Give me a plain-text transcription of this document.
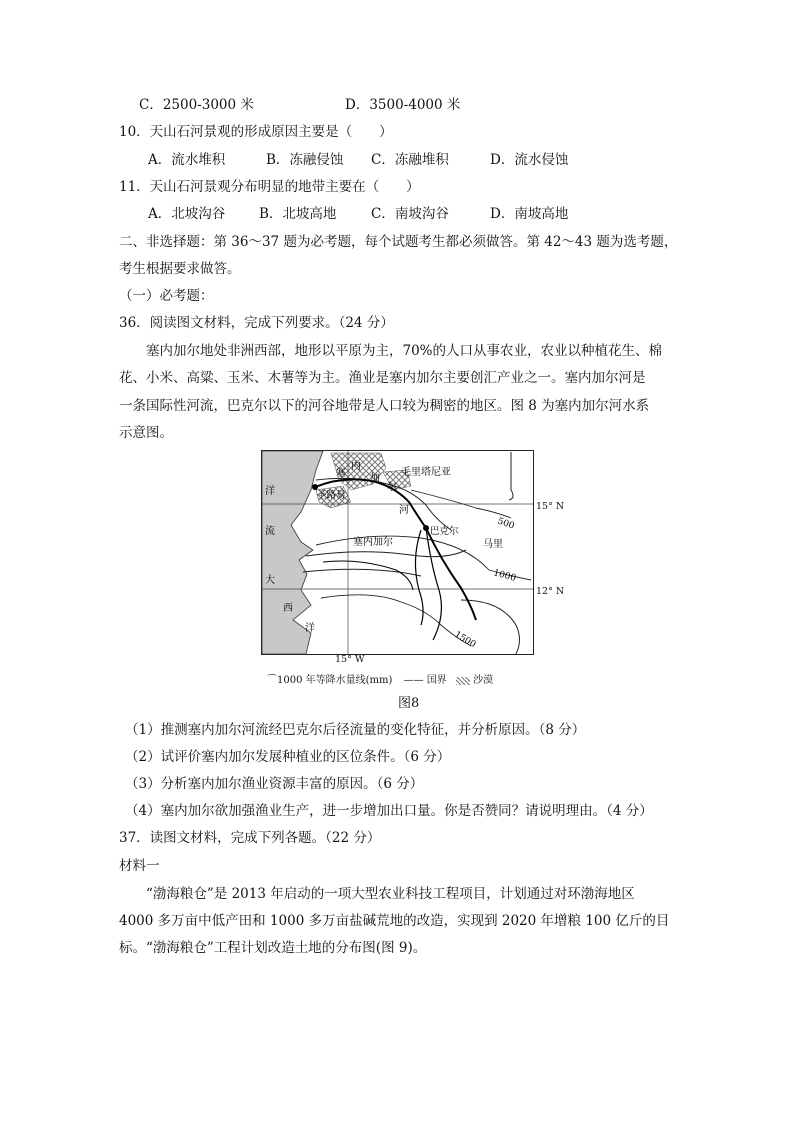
C．2500-3000 米	D．3500-4000 米
10．天山石河景观的形成原因主要是（　　）
A．流水堆积	B．冻融侵蚀 C．冻融堆积	D．流水侵蚀
11．天山石河景观分布明显的地带主要在（　　）
A．北坡沟谷	B．北坡高地	C．南坡沟谷	D．南坡高地
二、非选择题：第 36～37 题为必考题，每个试题考生都必须做答。第 42～43 题为选考题，
考生根据要求做答。
（一）必考题：
36．阅读图文材料，完成下列要求。（24 分）
塞内加尔地处非洲西部，地形以平原为主，70%的人口从事农业，农业以种植花生、棉
花、小米、高粱、玉米、木薯等为主。渔业是塞内加尔主要创汇产业之一。塞内加尔河是
一条国际性河流，巴克尔以下的河谷地带是人口较为稠密的地区。图 8 为塞内加尔河水系
示意图。
洋
流
大
西
洋
塞
内
加
尔
河
圣路易
巴克尔
毛里塔尼亚
塞内加尔	马里
500
1000
1500
15° N
12° N
15° W
⌒1000 年等降水量线(mm) —— 国界	沙漠
图8
（1）推测塞内加尔河流经巴克尔后径流量的变化特征，并分析原因。（8 分）
（2）试评价塞内加尔发展种植业的区位条件。（6 分）
（3）分析塞内加尔渔业资源丰富的原因。（6 分）
（4）塞内加尔欲加强渔业生产，进一步增加出口量。你是否赞同？请说明理由。（4 分）
37．读图文材料，完成下列各题。（22 分）
材料一
“渤海粮仓”是 2013 年启动的一项大型农业科技工程项目，计划通过对环渤海地区
4000 多万亩中低产田和 1000 多万亩盐碱荒地的改造，实现到 2020 年增粮 100 亿斤的目
标。“渤海粮仓”工程计划改造土地的分布图(图 9)。
